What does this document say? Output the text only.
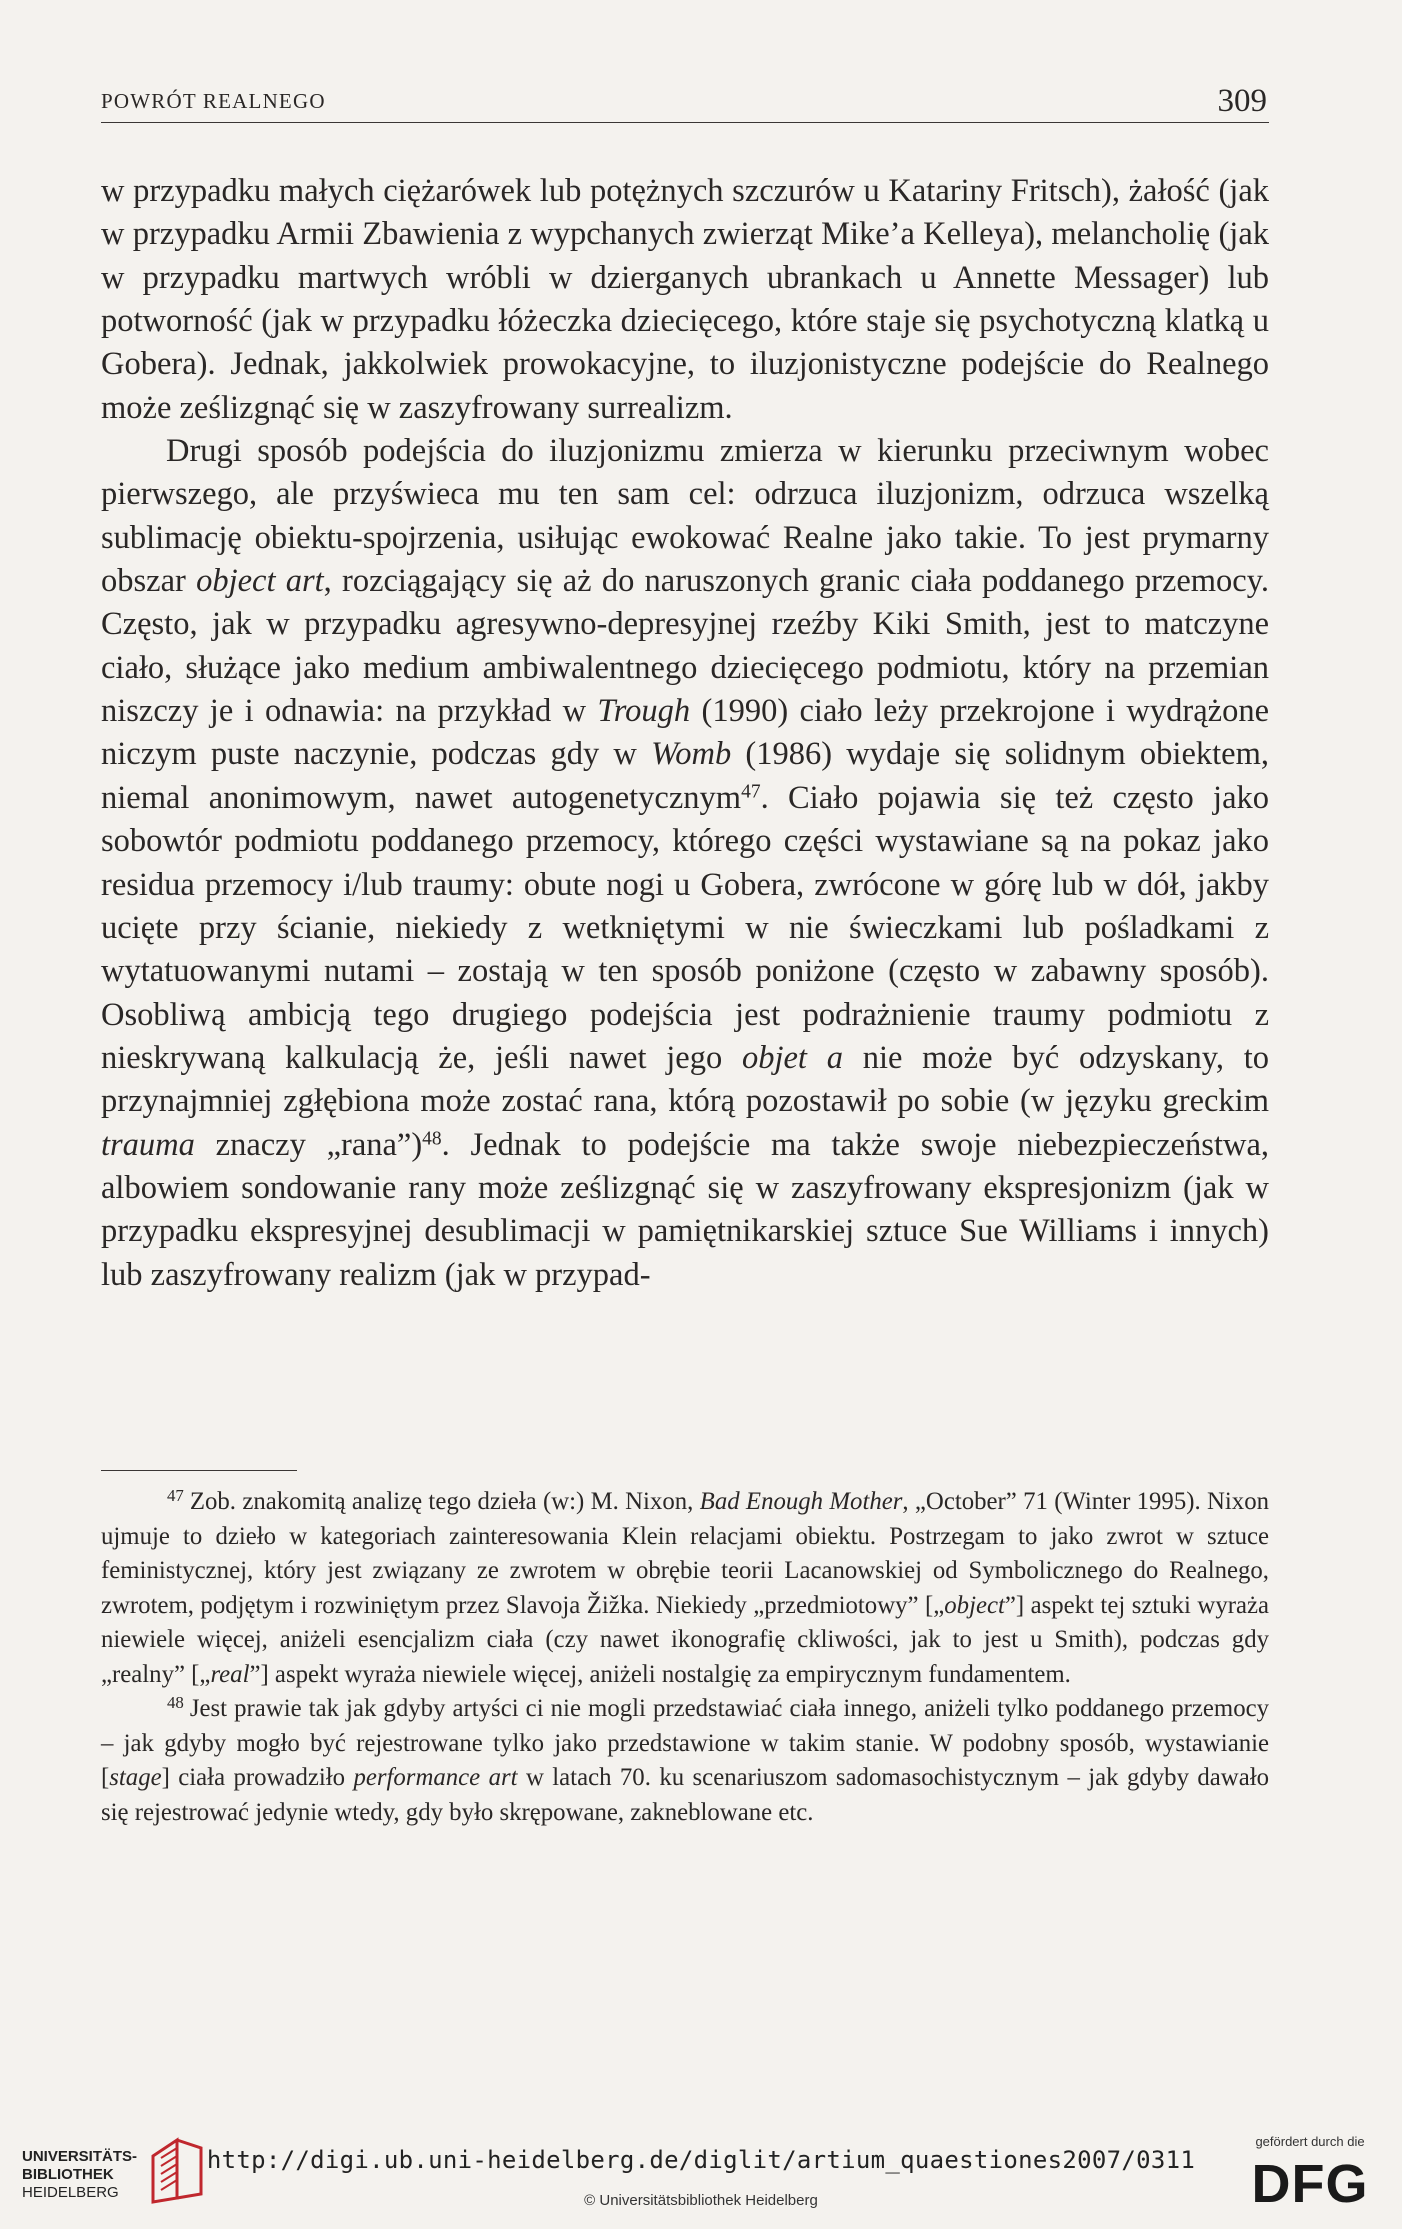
POWRÓT REALNEGO	309

w przypadku małych ciężarówek lub potężnych szczurów u Katariny Fritsch), żałość (jak w przypadku Armii Zbawienia z wypchanych zwierząt Mike’a Kelleya), melancholię (jak w przypadku martwych wróbli w dzierganych ubrankach u Annette Messager) lub potworność (jak w przypadku łóżeczka dziecięcego, które staje się psychotyczną klatką u Gobera). Jednak, jakkolwiek prowokacyjne, to iluzjonistyczne podejście do Realnego może ześlizgnąć się w zaszyfrowany surrealizm.

Drugi sposób podejścia do iluzjonizmu zmierza w kierunku przeciwnym wobec pierwszego, ale przyświeca mu ten sam cel: odrzuca iluzjonizm, odrzuca wszelką sublimację obiektu-spojrzenia, usiłując ewokować Realne jako takie. To jest prymarny obszar object art, rozciągający się aż do naruszonych granic ciała poddanego przemocy. Często, jak w przypadku agresywno-depresyjnej rzeźby Kiki Smith, jest to matczyne ciało, służące jako medium ambiwalentnego dziecięcego podmiotu, który na przemian niszczy je i odnawia: na przykład w Trough (1990) ciało leży przekrojone i wydrążone niczym puste naczynie, podczas gdy w Womb (1986) wydaje się solidnym obiektem, niemal anonimowym, nawet autogenetycznym$^{47}$. Ciało pojawia się też często jako sobowtór podmiotu poddanego przemocy, którego części wystawiane są na pokaz jako residua przemocy i/lub traumy: obute nogi u Gobera, zwrócone w górę lub w dół, jakby ucięte przy ścianie, niekiedy z wetkniętymi w nie świeczkami lub pośladkami z wytatuowanymi nutami – zostają w ten sposób poniżone (często w zabawny sposób). Osobliwą ambicją tego drugiego podejścia jest podrażnienie traumy podmiotu z nieskrywaną kalkulacją że, jeśli nawet jego objet a nie może być odzyskany, to przynajmniej zgłębiona może zostać rana, którą pozostawił po sobie (w języku greckim trauma znaczy „rana”)$^{48}$. Jednak to podejście ma także swoje niebezpieczeństwa, albowiem sondowanie rany może ześlizgnąć się w zaszyfrowany ekspresjonizm (jak w przypadku ekspresyjnej desublimacji w pamiętnikarskiej sztuce Sue Williams i innych) lub zaszyfrowany realizm (jak w przypad-

$^{47}$ Zob. znakomitą analizę tego dzieła (w:) M. Nixon, Bad Enough Mother, „October” 71 (Winter 1995). Nixon ujmuje to dzieło w kategoriach zainteresowania Klein relacjami obiektu. Postrzegam to jako zwrot w sztuce feministycznej, który jest związany ze zwrotem w obrębie teorii Lacanowskiej od Symbolicznego do Realnego, zwrotem, podjętym i rozwiniętym przez Slavoja Žižka. Niekiedy „przedmiotowy” [„object”] aspekt tej sztuki wyraża niewiele więcej, aniżeli esencjalizm ciała (czy nawet ikonografię ckliwości, jak to jest u Smith), podczas gdy „realny” [„real”] aspekt wyraża niewiele więcej, aniżeli nostalgię za empirycznym fundamentem.

$^{48}$ Jest prawie tak jak gdyby artyści ci nie mogli przedstawiać ciała innego, aniżeli tylko poddanego przemocy – jak gdyby mogło być rejestrowane tylko jako przedstawione w takim stanie. W podobny sposób, wystawianie [stage] ciała prowadziło performance art w latach 70. ku scenariuszom sadomasochistycznym – jak gdyby dawało się rejestrować jedynie wtedy, gdy było skrępowane, zakneblowane etc.

UNIVERSITÄTS-
BIBLIOTHEK
HEIDELBERG
http://digi.ub.uni-heidelberg.de/diglit/artium_quaestiones2007/0311
© Universitätsbibliothek Heidelberg
gefördert durch die
DFG
